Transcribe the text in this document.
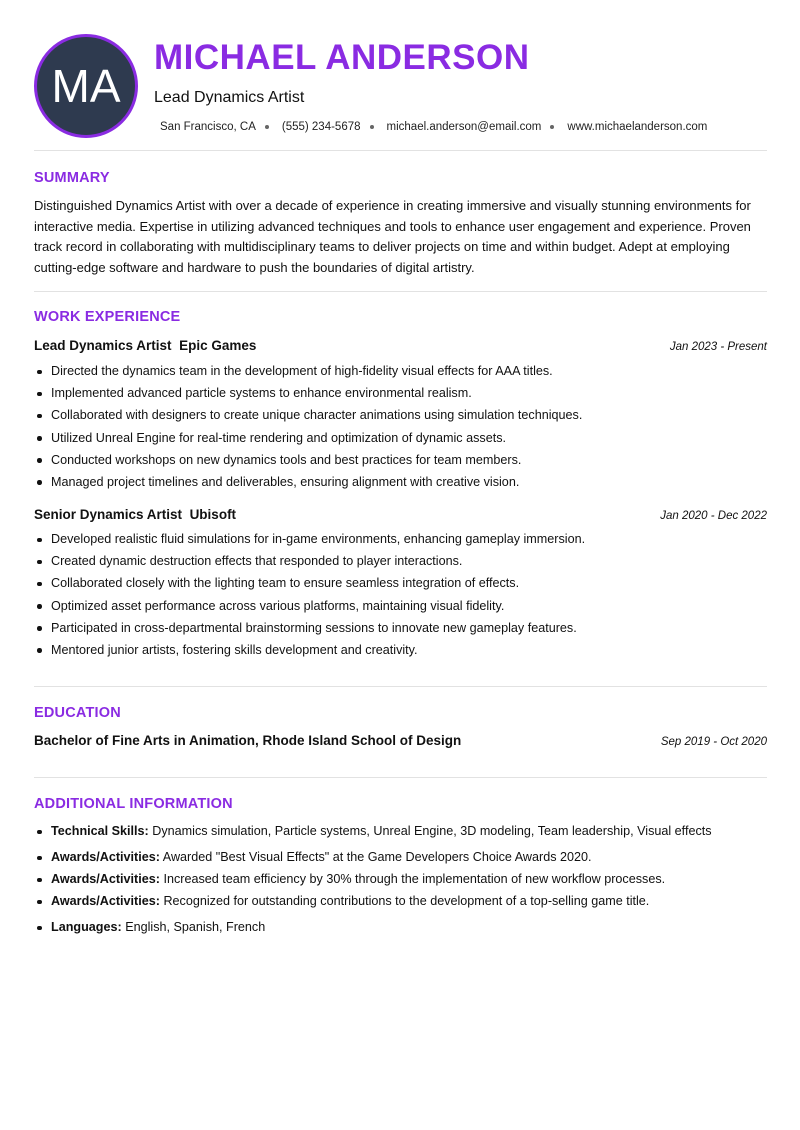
MA
MICHAEL ANDERSON
Lead Dynamics Artist
San Francisco, CA (555) 234-5678 michael.anderson@email.com www.michaelanderson.com
SUMMARY
Distinguished Dynamics Artist with over a decade of experience in creating immersive and visually stunning environments for interactive media. Expertise in utilizing advanced techniques and tools to enhance user engagement and experience. Proven track record in collaborating with multidisciplinary teams to deliver projects on time and within budget. Adept at employing cutting-edge software and hardware to push the boundaries of digital artistry.
WORK EXPERIENCE
Lead Dynamics Artist Epic Games	Jan 2023 - Present
Directed the dynamics team in the development of high-fidelity visual effects for AAA titles.
Implemented advanced particle systems to enhance environmental realism.
Collaborated with designers to create unique character animations using simulation techniques.
Utilized Unreal Engine for real-time rendering and optimization of dynamic assets.
Conducted workshops on new dynamics tools and best practices for team members.
Managed project timelines and deliverables, ensuring alignment with creative vision.
Senior Dynamics Artist Ubisoft	Jan 2020 - Dec 2022
Developed realistic fluid simulations for in-game environments, enhancing gameplay immersion.
Created dynamic destruction effects that responded to player interactions.
Collaborated closely with the lighting team to ensure seamless integration of effects.
Optimized asset performance across various platforms, maintaining visual fidelity.
Participated in cross-departmental brainstorming sessions to innovate new gameplay features.
Mentored junior artists, fostering skills development and creativity.
EDUCATION
Bachelor of Fine Arts in Animation, Rhode Island School of Design	Sep 2019 - Oct 2020
ADDITIONAL INFORMATION
Technical Skills: Dynamics simulation, Particle systems, Unreal Engine, 3D modeling, Team leadership, Visual effects
Awards/Activities: Awarded "Best Visual Effects" at the Game Developers Choice Awards 2020.
Awards/Activities: Increased team efficiency by 30% through the implementation of new workflow processes.
Awards/Activities: Recognized for outstanding contributions to the development of a top-selling game title.
Languages: English, Spanish, French
